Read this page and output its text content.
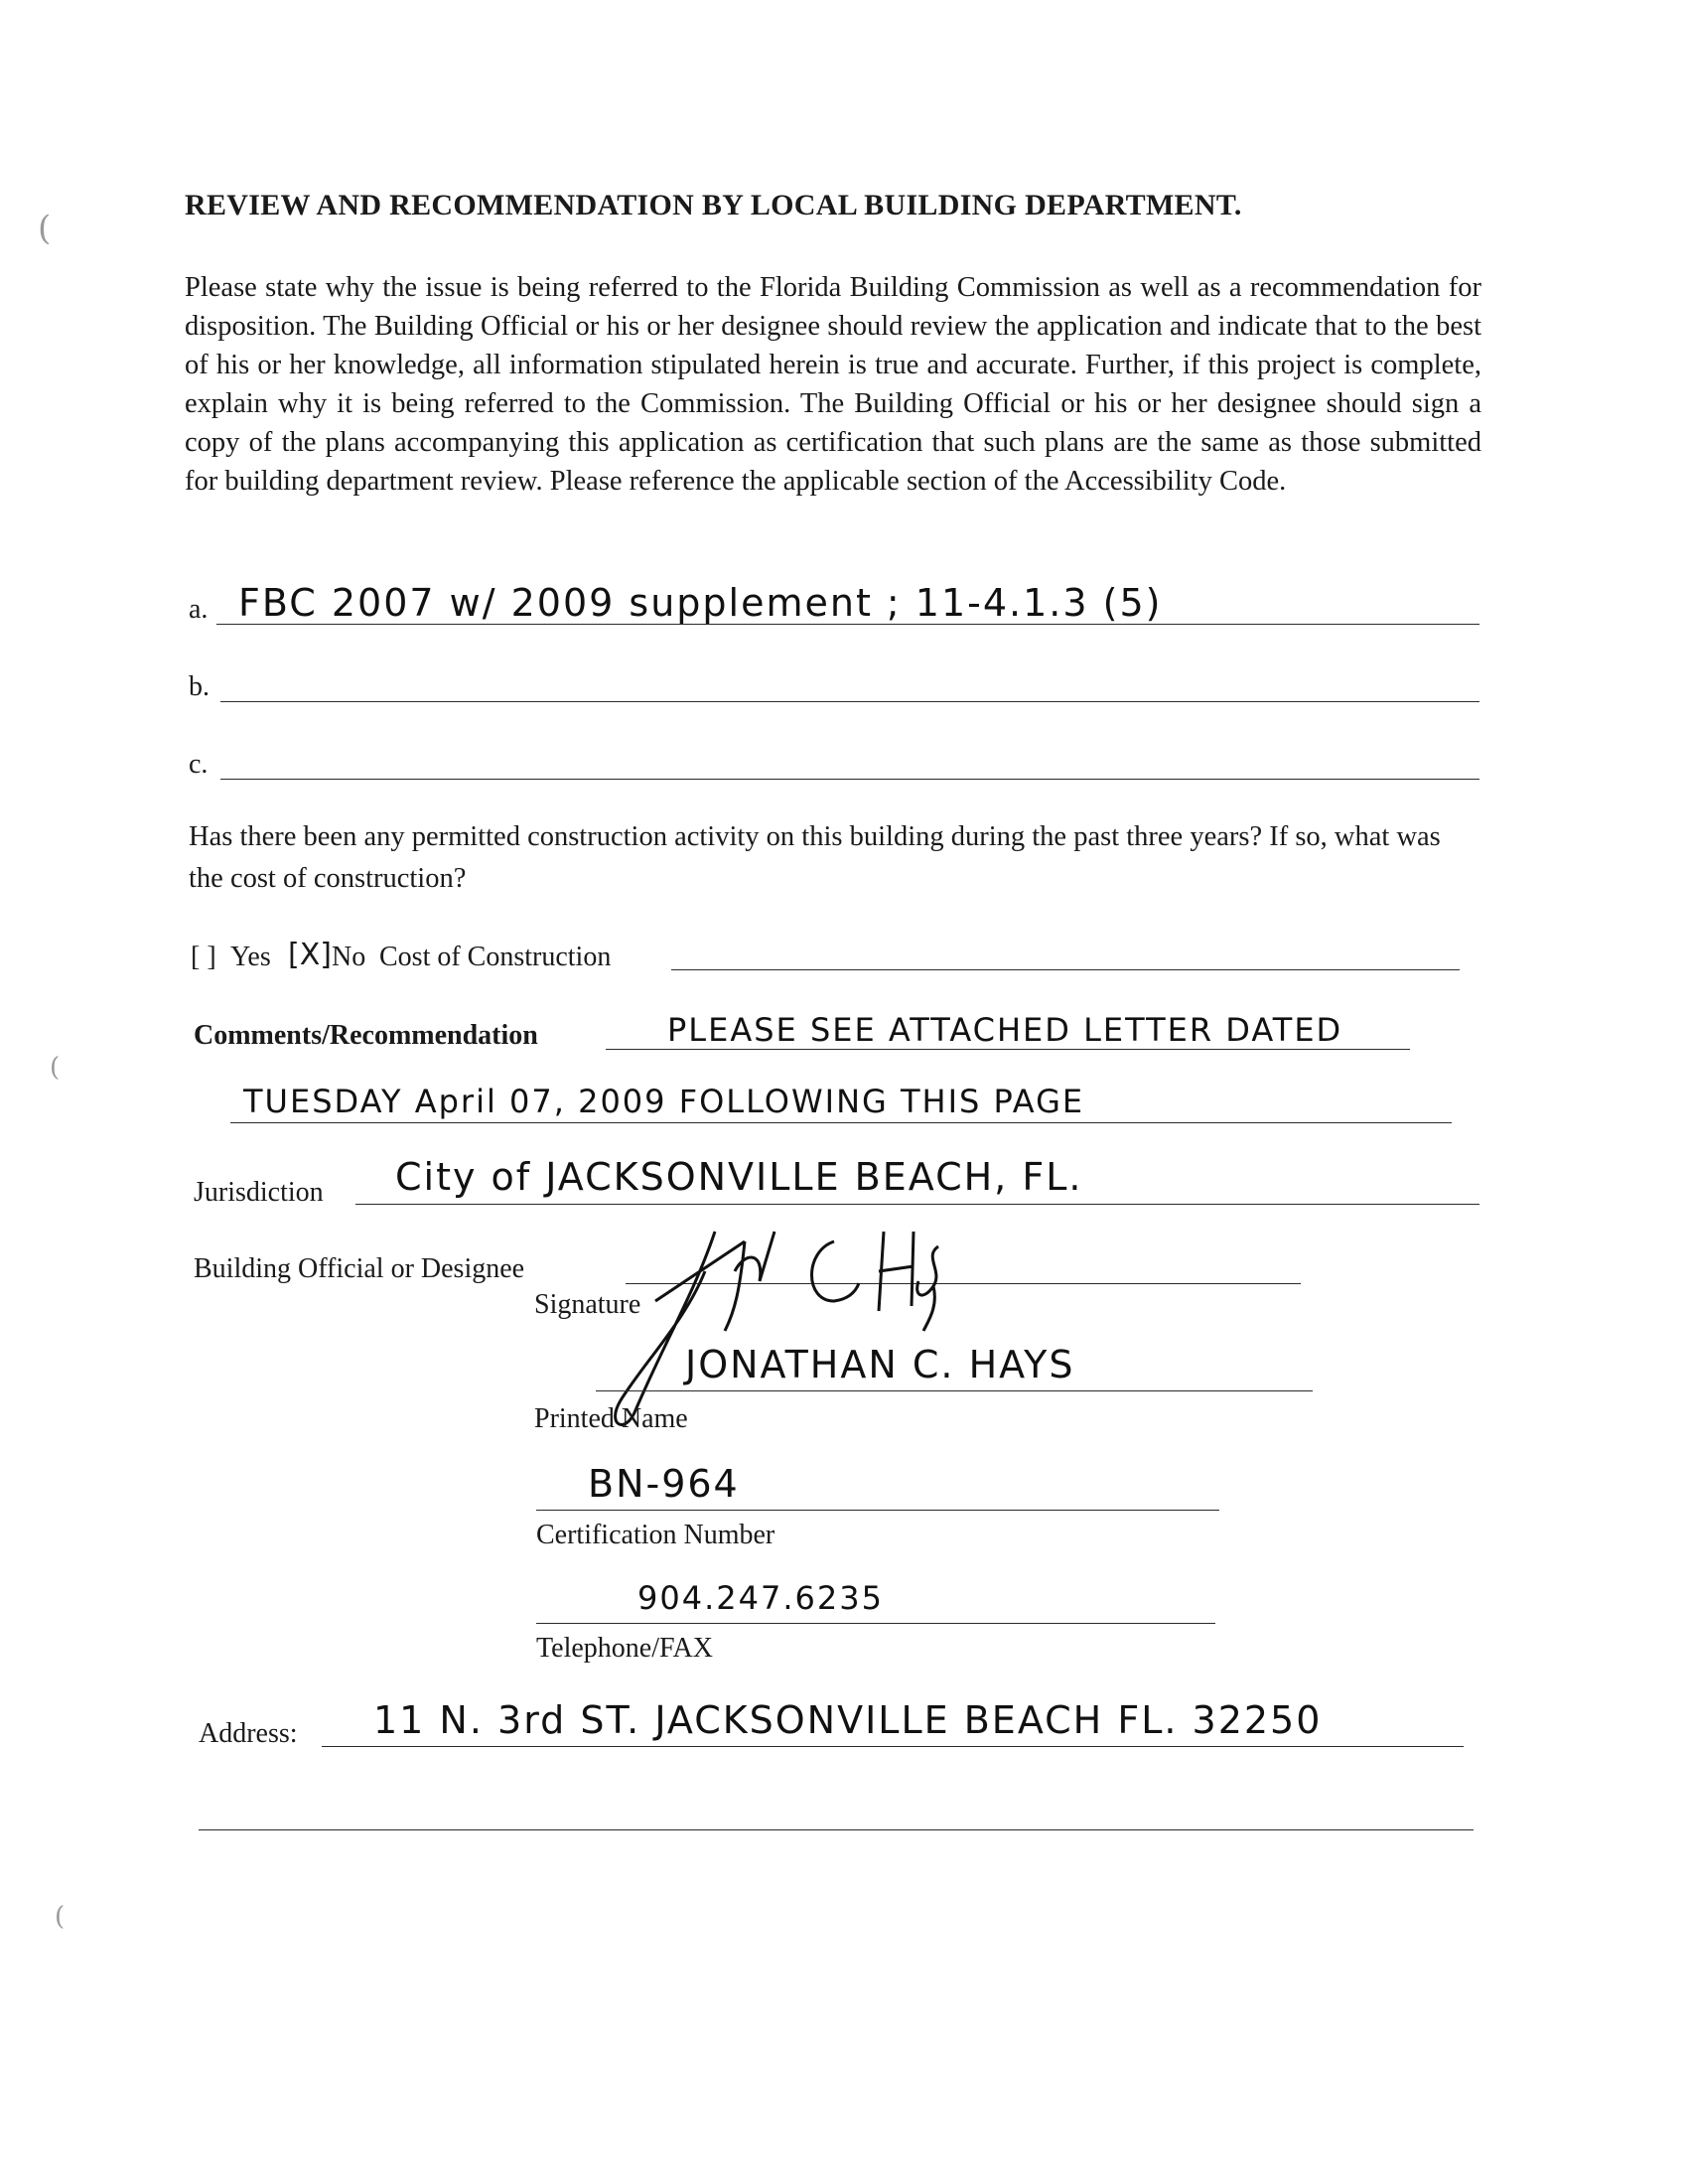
(
(
(
REVIEW AND RECOMMENDATION BY LOCAL BUILDING DEPARTMENT.
Please state why the issue is being referred to the Florida Building Commission as well as a recommendation for disposition. The Building Official or his or her designee should review the application and indicate that to the best of his or her knowledge, all information stipulated herein is true and accurate. Further, if this project is complete, explain why it is being referred to the Commission. The Building Official or his or her designee should sign a copy of the plans accompanying this application as certification that such plans are the same as those submitted for building department review. Please reference the applicable section of the Accessibility Code.
a. FBC 2007 w/ 2009 supplement ; 11-4.1.3 (5)
b.
c.
Has there been any permitted construction activity on this building during the past three years? If so, what was the cost of construction?
[ ] Yes [X] No Cost of Construction
Comments/Recommendation	PLEASE SEE ATTACHED LETTER DATED
TUESDAY April 07, 2009 FOLLOWING THIS PAGE
Jurisdiction City of JACKSONVILLE BEACH, FL.
Building Official or Designee
Signature
JONATHAN C. HAYS
Printed Name
BN-964
Certification Number
904.247.6235
Telephone/FAX
Address: 11 N. 3rd ST. JACKSONVILLE BEACH FL. 32250
